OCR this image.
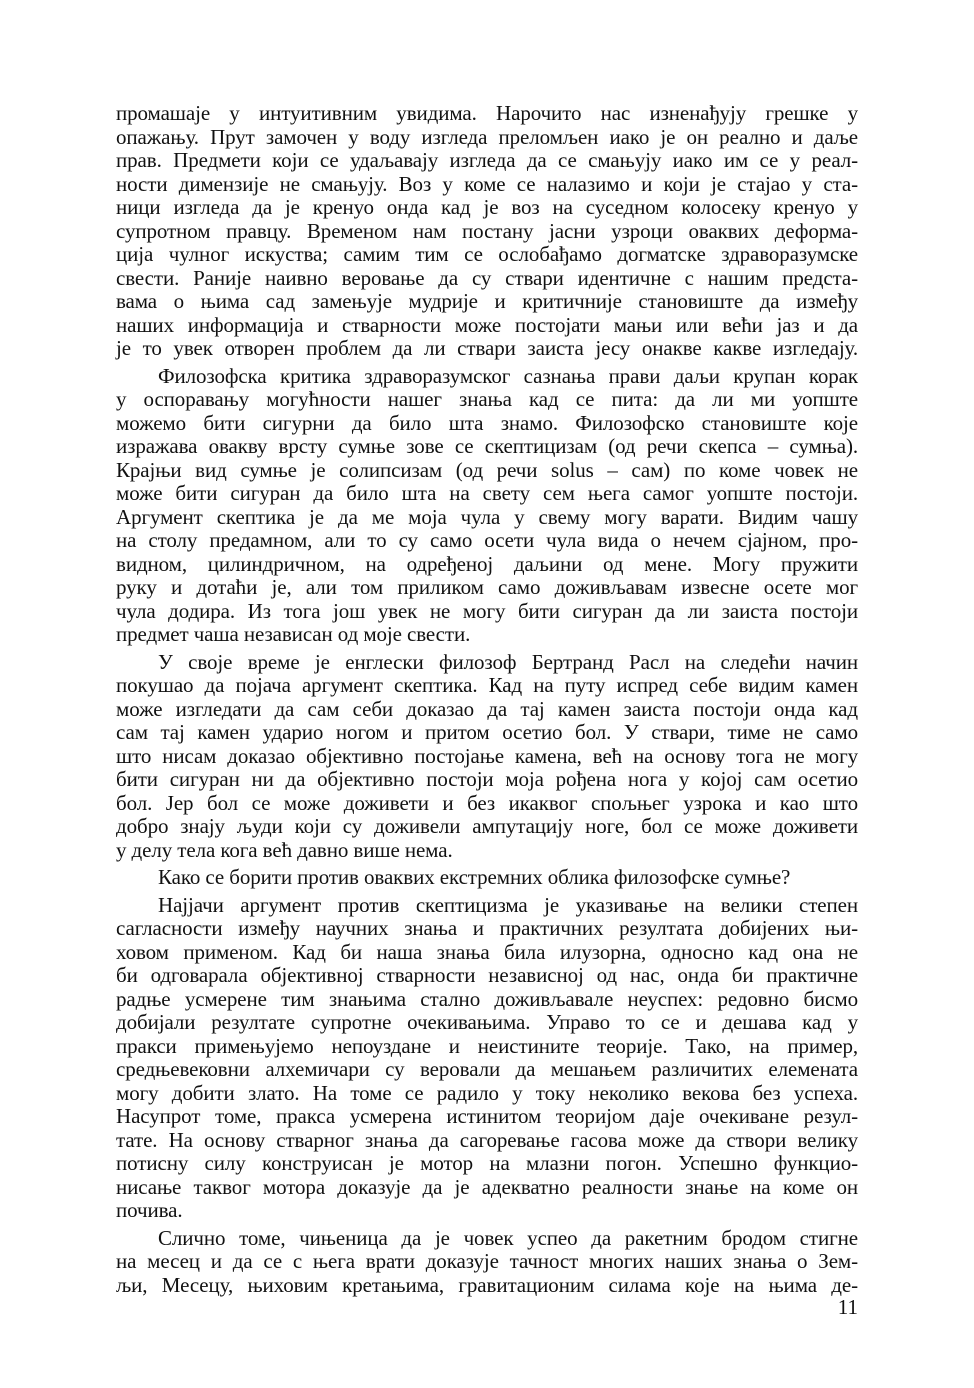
промашаје у интуитивним увидима. Нарочито нас изненађују грешке у
опажању. Прут замочен у воду изгледа преломљен иако је он реално и даље
прав. Предмети који се удаљавају изгледа да се смањују иако им се у реал-
ности димензије не смањују. Воз у коме се налазимо и који је стајао у ста-
ници изгледа да је кренуо онда кад је воз на суседном колосеку кренуо у
супротном правцу. Временом нам постану јасни узроци оваквих деформа-
ција чулног искуства; самим тим се ослобађамо догматске здраворазумске
свести. Раније наивно веровање да су ствари идентичне с нашим предста-
вама о њима сад замењује мудрије и критичније становиште да између
наших информација и стварности може постојати мањи или већи јаз и да
је то увек отворен проблем да ли ствари заиста јесу онакве какве изгледају.
Филозофска критика здраворазумског сазнања прави даљи крупан корак
у оспоравању могућности нашег знања кад се пита: да ли ми уопште
можемо бити сигурни да било шта знамо. Филозофско становиште које
изражава овакву врсту сумње зове се скептицизам (од речи скепса – сумња).
Крајњи вид сумње је солипсизам (од речи solus – сам) по коме човек не
може бити сигуран да било шта на свету сем њега самог уопште постоји.
Аргумент скептика је да ме моја чула у свему могу варати. Видим чашу
на столу предамном, али то су само осети чула вида о нечем сјајном, про-
видном, цилиндричном, на одређеној даљини од мене. Могу пружити
руку и дотаћи је, али том приликом само доживљавам извесне осете мог
чула додира. Из тога још увек не могу бити сигуран да ли заиста постоји
предмет чаша независан од моје свести.
У своје време је енглески филозоф Бертранд Расл на следећи начин
покушао да појача аргумент скептика. Кад на путу испред себе видим камен
може изгледати да сам себи доказао да тај камен заиста постоји онда кад
сам тај камен ударио ногом и притом осетио бол. У ствари, тиме не само
што нисам доказао објективно постојање камена, већ на основу тога не могу
бити сигуран ни да објективно постоји моја рођена нога у којој сам осетио
бол. Јер бол се може доживети и без икаквог спољњег узрока и као што
добро знају људи који су доживели ампутацију ноге, бол се може доживети
у делу тела кога већ давно више нема.
Како се борити против оваквих екстремних облика филозофске сумње?
Најјачи аргумент против скептицизма је указивање на велики степен
сагласности између научних знања и практичних резултата добијених њи-
ховом применом. Кад би наша знања била илузорна, односно кад она не
би одговарала објективној стварности независној од нас, онда би практичне
радње усмерене тим знањима стално доживљавале неуспех: редовно бисмо
добијали резултате супротне очекивањима. Управо то се и дешава кад у
пракси примењујемо непоуздане и неистините теорије. Тако, на пример,
средњевековни алхемичари су веровали да мешањем различитих елемената
могу добити злато. На томе се радило у току неколико векова без успеха.
Насупрот томе, пракса усмерена истинитом теоријом даје очекиване резул-
тате. На основу стварног знања да сагоревање гасова може да створи велику
потисну силу конструисан је мотор на млазни погон. Успешно функцио-
нисање таквог мотора доказује да је адекватно реалности знање на коме он
почива.
Слично томе, чињеница да је човек успео да ракетним бродом стигне
на месец и да се с њега врати доказује тачност многих наших знања о Зем-
љи, Месецу, њиховим кретањима, гравитационим силама које на њима де-
11
